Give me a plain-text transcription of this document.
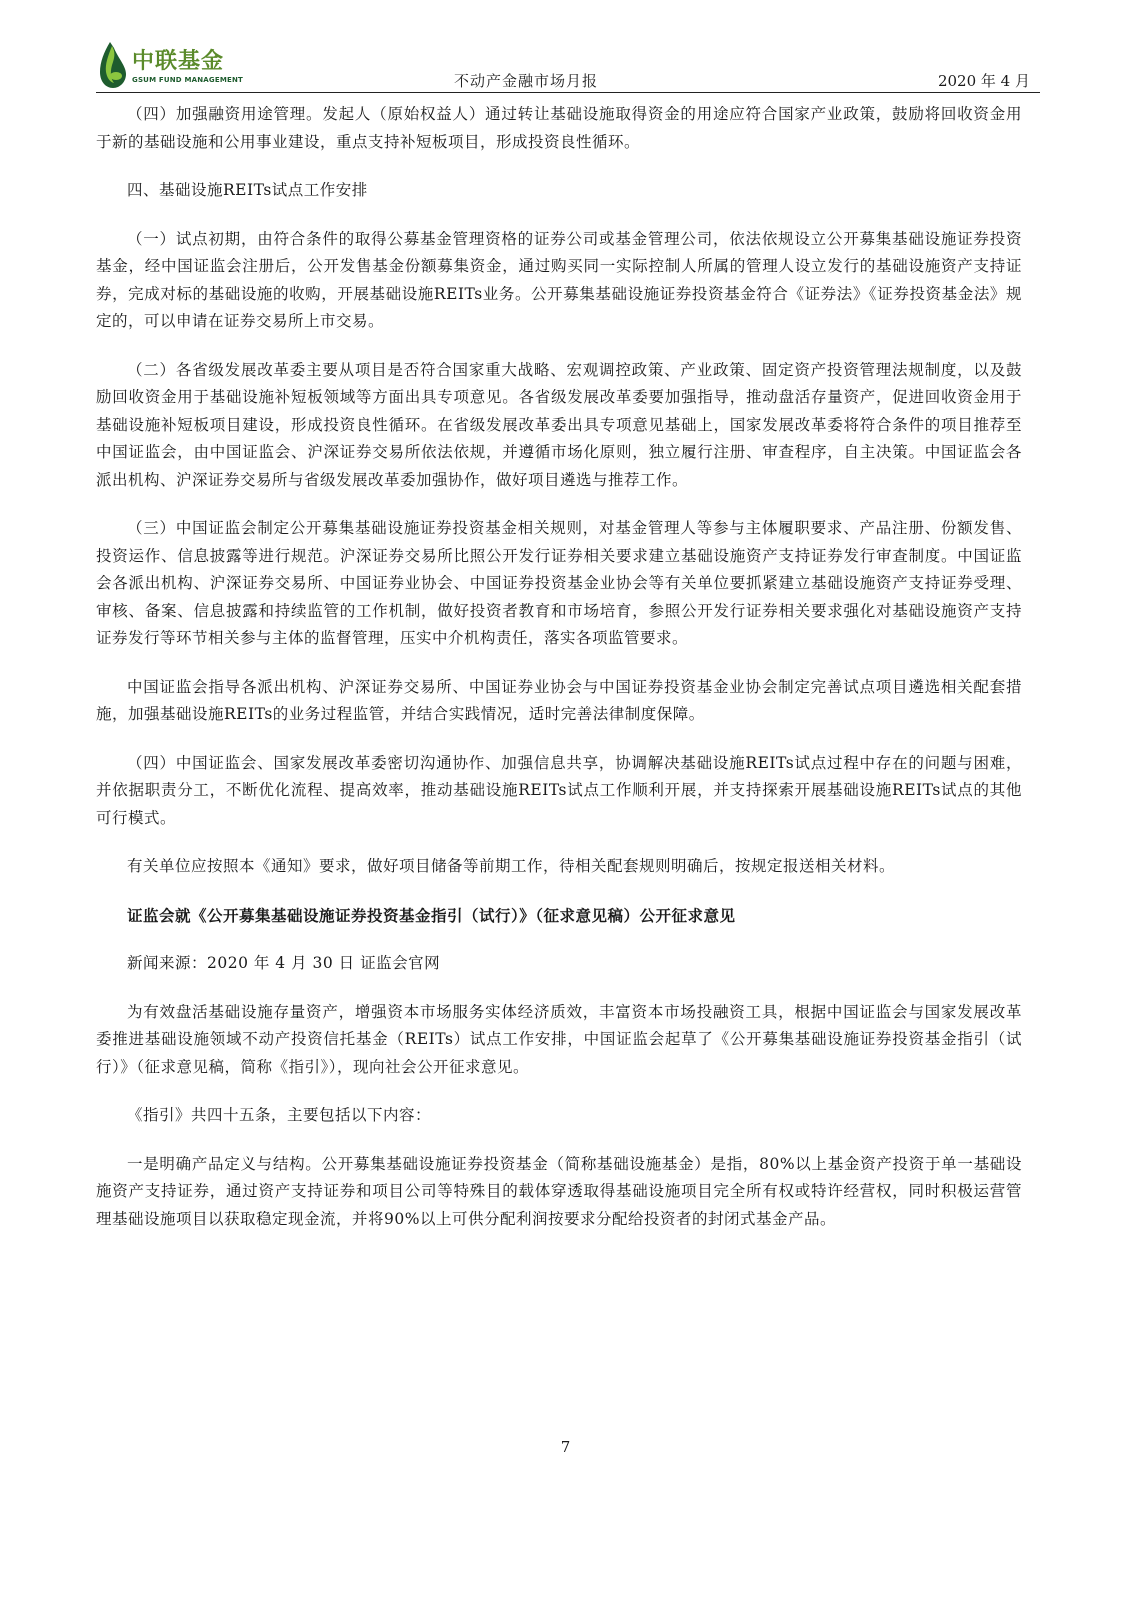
中联基金
GSUM FUND MANAGEMENT	不动产金融市场月报	2020 年 4 月

（四）加强融资用途管理。发起人（原始权益人）通过转让基础设施取得资金的用途应符合国家产业政策，鼓励将回收资金用于新的基础设施和公用事业建设，重点支持补短板项目，形成投资良性循环。

四、基础设施REITs试点工作安排

（一）试点初期，由符合条件的取得公募基金管理资格的证券公司或基金管理公司，依法依规设立公开募集基础设施证券投资基金，经中国证监会注册后，公开发售基金份额募集资金，通过购买同一实际控制人所属的管理人设立发行的基础设施资产支持证券，完成对标的基础设施的收购，开展基础设施REITs业务。公开募集基础设施证券投资基金符合《证券法》《证券投资基金法》规定的，可以申请在证券交易所上市交易。

（二）各省级发展改革委主要从项目是否符合国家重大战略、宏观调控政策、产业政策、固定资产投资管理法规制度，以及鼓励回收资金用于基础设施补短板领域等方面出具专项意见。各省级发展改革委要加强指导，推动盘活存量资产，促进回收资金用于基础设施补短板项目建设，形成投资良性循环。在省级发展改革委出具专项意见基础上，国家发展改革委将符合条件的项目推荐至中国证监会，由中国证监会、沪深证券交易所依法依规，并遵循市场化原则，独立履行注册、审查程序，自主决策。中国证监会各派出机构、沪深证券交易所与省级发展改革委加强协作，做好项目遴选与推荐工作。

（三）中国证监会制定公开募集基础设施证券投资基金相关规则，对基金管理人等参与主体履职要求、产品注册、份额发售、投资运作、信息披露等进行规范。沪深证券交易所比照公开发行证券相关要求建立基础设施资产支持证券发行审查制度。中国证监会各派出机构、沪深证券交易所、中国证券业协会、中国证券投资基金业协会等有关单位要抓紧建立基础设施资产支持证券受理、审核、备案、信息披露和持续监管的工作机制，做好投资者教育和市场培育，参照公开发行证券相关要求强化对基础设施资产支持证券发行等环节相关参与主体的监督管理，压实中介机构责任，落实各项监管要求。

中国证监会指导各派出机构、沪深证券交易所、中国证券业协会与中国证券投资基金业协会制定完善试点项目遴选相关配套措施，加强基础设施REITs的业务过程监管，并结合实践情况，适时完善法律制度保障。

（四）中国证监会、国家发展改革委密切沟通协作、加强信息共享，协调解决基础设施REITs试点过程中存在的问题与困难，并依据职责分工，不断优化流程、提高效率，推动基础设施REITs试点工作顺利开展，并支持探索开展基础设施REITs试点的其他可行模式。

有关单位应按照本《通知》要求，做好项目储备等前期工作，待相关配套规则明确后，按规定报送相关材料。

证监会就《公开募集基础设施证券投资基金指引（试行）》（征求意见稿）公开征求意见

新闻来源：2020 年 4 月 30 日 证监会官网

为有效盘活基础设施存量资产，增强资本市场服务实体经济质效，丰富资本市场投融资工具，根据中国证监会与国家发展改革委推进基础设施领域不动产投资信托基金（REITs）试点工作安排，中国证监会起草了《公开募集基础设施证券投资基金指引（试行）》（征求意见稿，简称《指引》），现向社会公开征求意见。

《指引》共四十五条，主要包括以下内容：

一是明确产品定义与结构。公开募集基础设施证券投资基金（简称基础设施基金）是指，80%以上基金资产投资于单一基础设施资产支持证券，通过资产支持证券和项目公司等特殊目的载体穿透取得基础设施项目完全所有权或特许经营权，同时积极运营管理基础设施项目以获取稳定现金流，并将90%以上可供分配利润按要求分配给投资者的封闭式基金产品。

7
